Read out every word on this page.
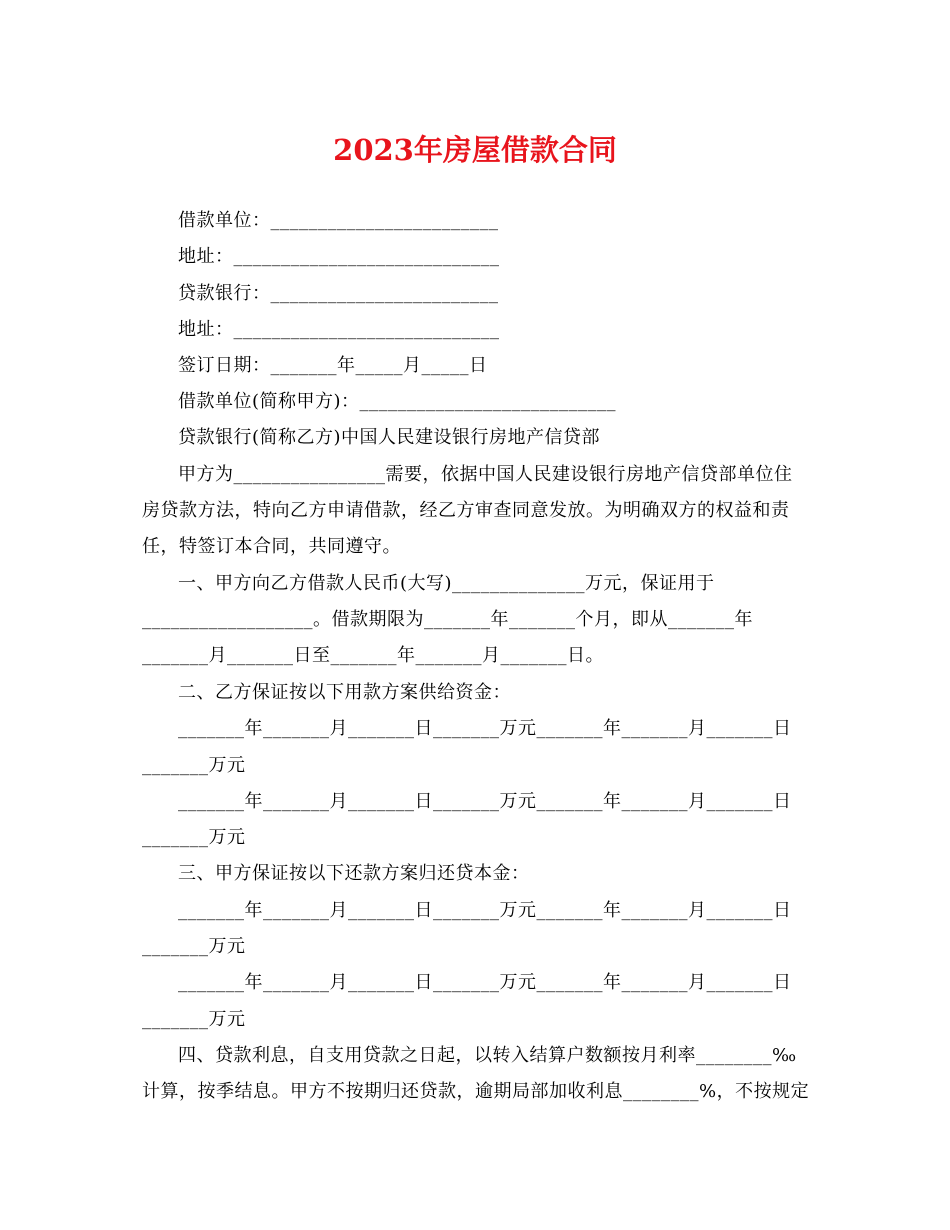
2023年房屋借款合同
借款单位：________________________
地址：____________________________
贷款银行：________________________
地址：____________________________
签订日期：_______年_____月_____日
借款单位(简称甲方)：___________________________
贷款银行(简称乙方)中国人民建设银行房地产信贷部
甲方为________________需要，依据中国人民建设银行房地产信贷部单位住
房贷款方法，特向乙方申请借款，经乙方审查同意发放。为明确双方的权益和责
任，特签订本合同，共同遵守。
一、甲方向乙方借款人民币(大写)______________万元，保证用于
__________________。借款期限为_______年_______个月，即从_______年
_______月_______日至_______年_______月_______日。
二、乙方保证按以下用款方案供给资金：
_______年_______月_______日_______万元_______年_______月_______日
_______万元
_______年_______月_______日_______万元_______年_______月_______日
_______万元
三、甲方保证按以下还款方案归还贷本金：
_______年_______月_______日_______万元_______年_______月_______日
_______万元
_______年_______月_______日_______万元_______年_______月_______日
_______万元
四、贷款利息，自支用贷款之日起，以转入结算户数额按月利率________‰
计算，按季结息。甲方不按期归还贷款，逾期局部加收利息________%，不按规定
